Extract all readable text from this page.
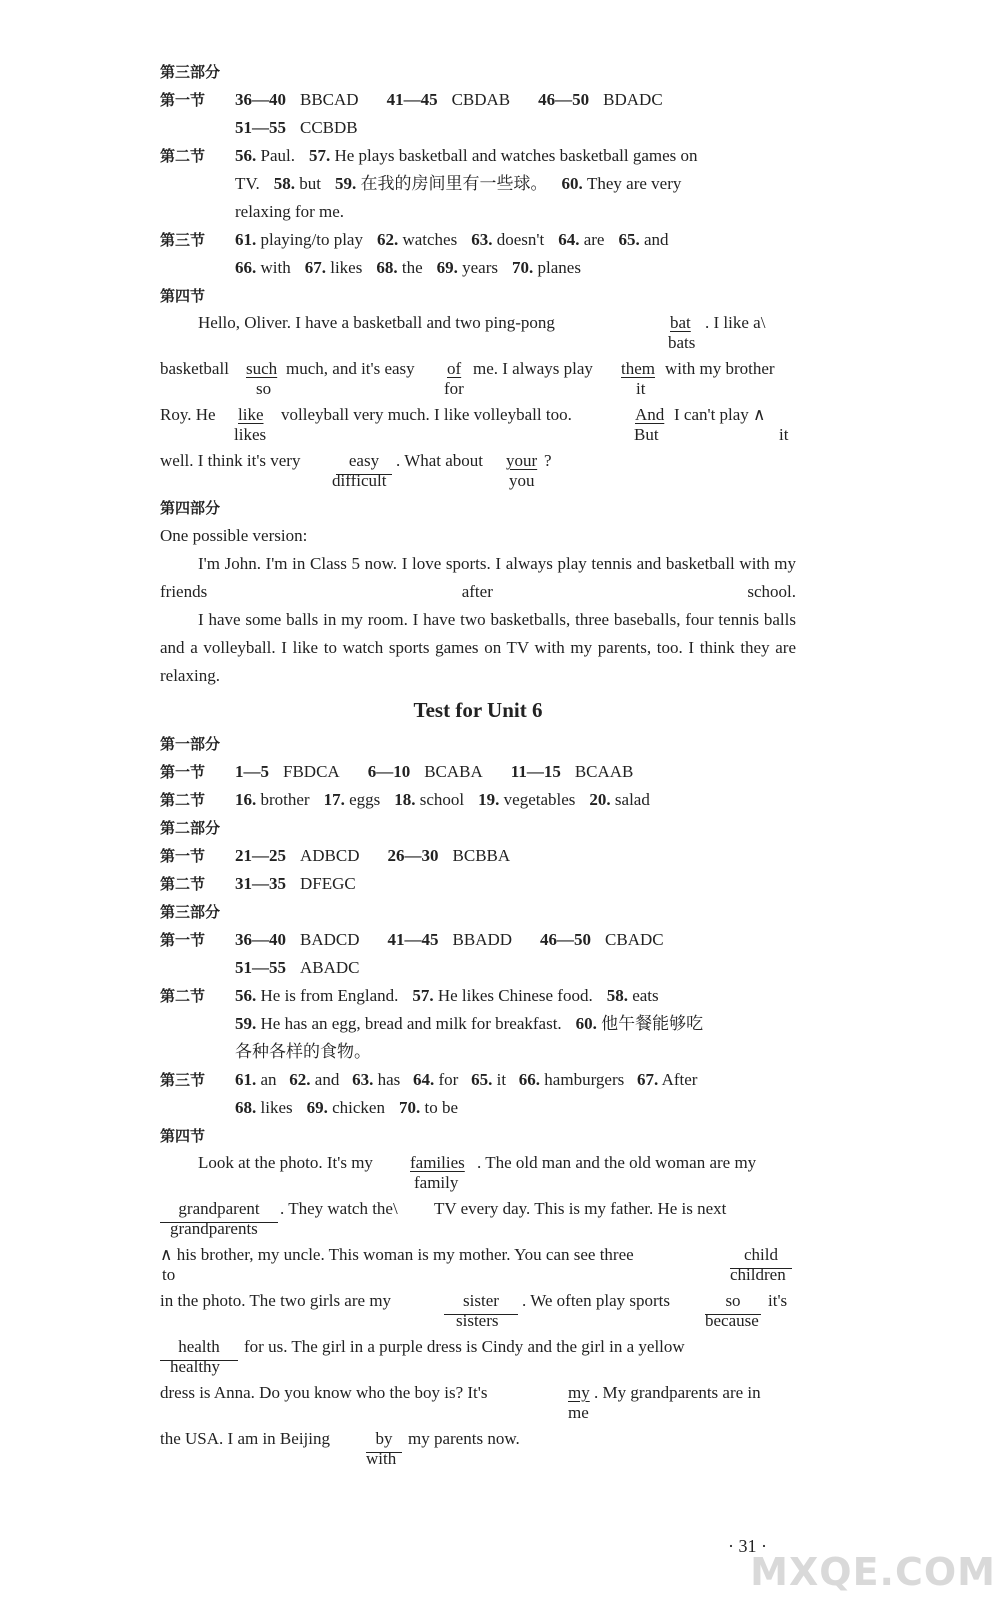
第三部分
第一节 36—40 BBCAD 41—45 CBDAB 46—50 BDADC
51—55 CCBDB
第二节 56. Paul. 57. He plays basketball and watches basketball games on
TV. 58. but 59. 在我的房间里有一些球。 60. They are very
relaxing for me.
第三节 61. playing/to play 62. watches 63. doesn't 64. are 65. and
66. with 67. likes 68. the 69. years 70. planes
第四节
Hello, Oliver. I have a basketball and two ping-pong	bat . I like a\
bats
basketball such much, and it's easy of me. I always play them with my brother
so	for	it
Roy. He like volleyball very much. I like volleyball too.	And I can't play ∧
likes	But	it
well. I think it's very	easy . What about your ?
difficult	you
第四部分
One possible version:
I'm John. I'm in Class 5 now. I love sports. I always play tennis and basketball with my friends after school.
I have some balls in my room. I have two basketballs, three baseballs, four tennis balls and a volleyball. I like to watch sports games on TV with my parents, too. I think they are relaxing.
Test for Unit 6
第一部分
第一节 1—5 FBDCA 6—10 BCABA 11—15 BCAAB
第二节 16. brother 17. eggs 18. school 19. vegetables 20. salad
第二部分
第一节 21—25 ADBCD 26—30 BCBBA
第二节 31—35 DFEGC
第三部分
第一节 36—40 BADCD 41—45 BBADD 46—50 CBADC
51—55 ABADC
第二节 56. He is from England. 57. He likes Chinese food. 58. eats
59. He has an egg, bread and milk for breakfast. 60. 他午餐能够吃
各种各样的食物。
第三节 61. an 62. and 63. has 64. for 65. it 66. hamburgers 67. After
68. likes 69. chicken 70. to be
第四节
Look at the photo. It's my families . The old man and the old woman are my
family
grandparent	. They watch the\ TV every day. This is my father. He is next
grandparents
∧ his brother, my uncle. This woman is my mother. You can see three	child
to	children
in the photo. The two girls are my	sister	. We often play sports	so	it's
sisters	because
health	for us. The girl in a purple dress is Cindy and the girl in a yellow
healthy
dress is Anna. Do you know who the boy is? It's	my . My grandparents are in
me
the USA. I am in Beijing	by my parents now.
with
· 31 ·
MXQE.COM
